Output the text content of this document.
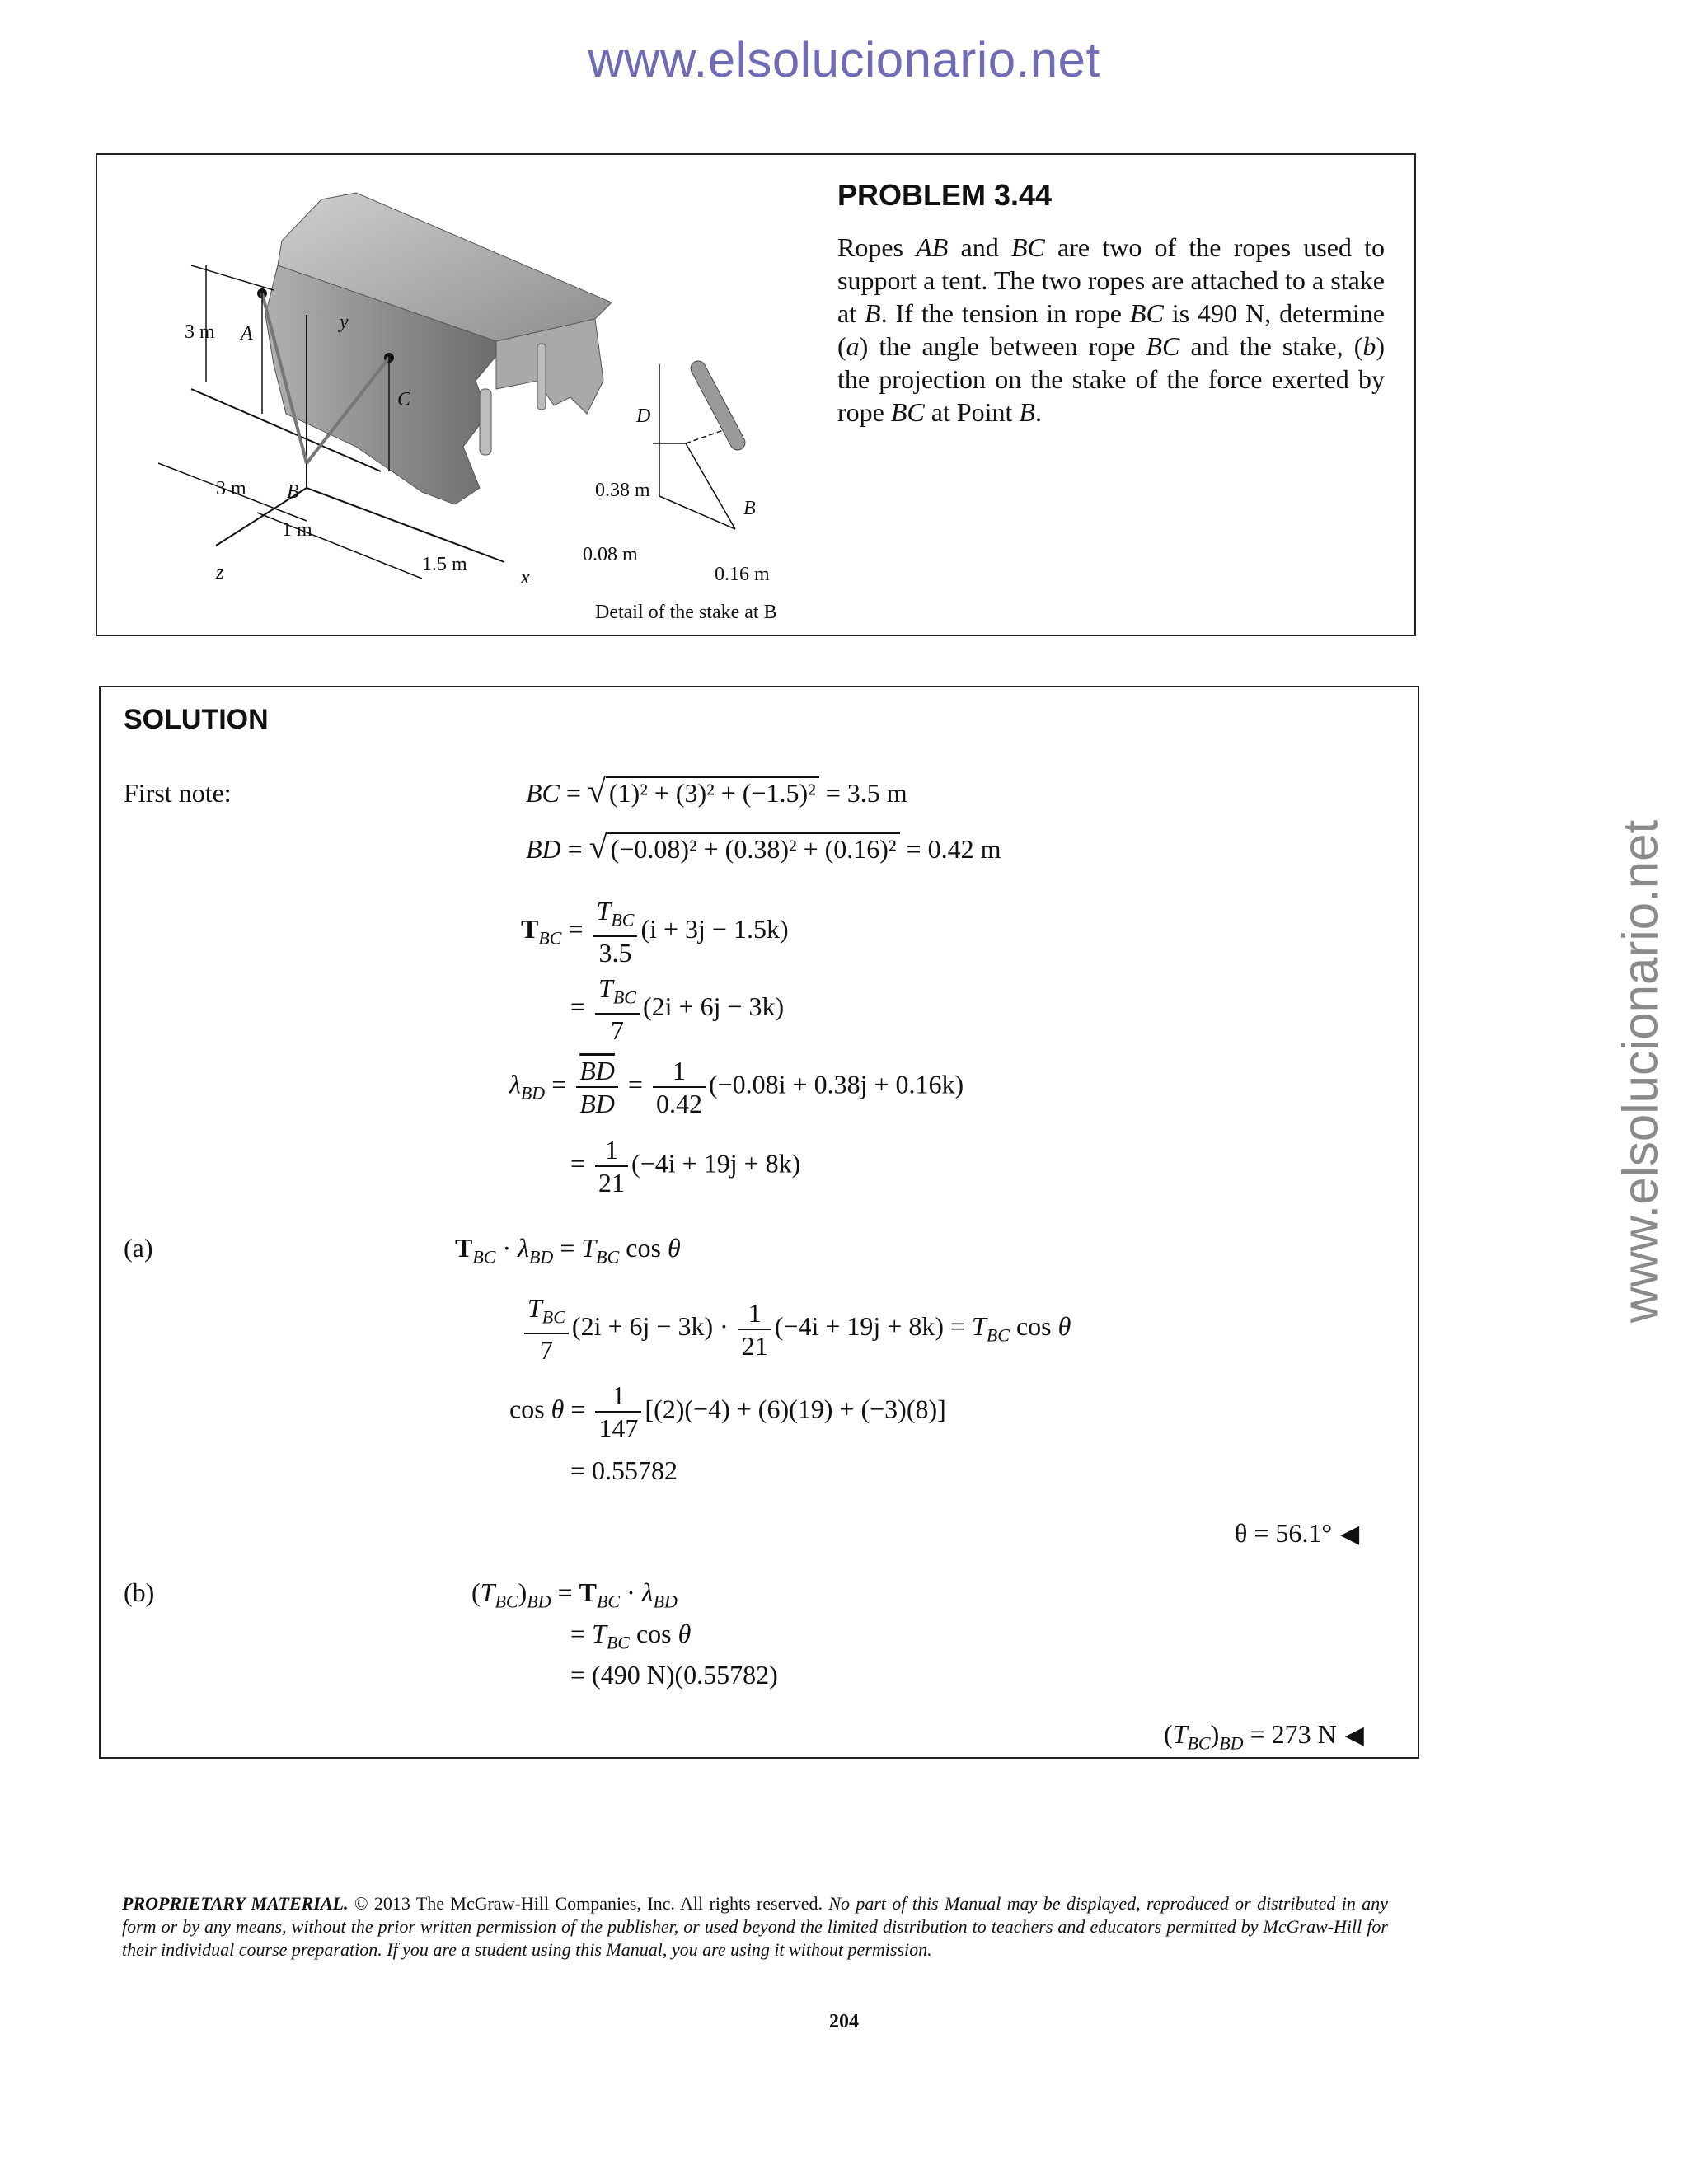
www.elsolucionario.net
www.elsolucionario.net
3 m A
y
C
3 m B
1 m
1.5 m
z	x
D
B
0.38 m
0.08 m
0.16 m
Detail of the stake at B
PROBLEM 3.44
Ropes AB and BC are two of the ropes used to support a tent. The two ropes are attached to a stake at B. If the tension in rope BC is 490 N, determine (a) the angle between rope BC and the stake, (b) the projection on the stake of the force exerted by rope BC at Point B.
SOLUTION
First note:	BC = √ (1)² + (3)² + (−1.5)² = 3.5 m
BD = √ (−0.08)² + (0.38)² + (0.16)² = 0.42 m
$T_{BC} = \frac{T_{BC}}{3.5} (i + 3j - 1.5k)$
= $\frac{T_{BC}}{7} (2i + 6j - 3k)$
$\lambda_{BD} = \frac{\overline{BD}}{BD} = \frac{1}{0.42} (-0.08i + 0.38j + 0.16k)$
= $\frac{1}{21} (-4i + 19j + 8k)$
(a)	$T_{BC} \cdot \lambda_{BD} = T_{BC}$ cos θ
$\frac{T_{BC}}{7} (2i + 6j - 3k) \cdot \frac{1}{21} (-4i + 19j + 8k) = T_{BC}$ cos θ
$\cos \theta = \frac{1}{147} [(2)(-4) + (6)(19) + (-3)(8)]$
= 0.55782
θ = 56.1° ◀
(b)	$(T_{BC})_{BD} = T_{BC} \cdot \lambda_{BD}$
= $T_{BC}$ cos θ
= (490 N)(0.55782)
$(T_{BC})_{BD} = 273$ N ◀
PROPRIETARY MATERIAL. © 2013 The McGraw-Hill Companies, Inc. All rights reserved. No part of this Manual may be displayed, reproduced or distributed in any form or by any means, without the prior written permission of the publisher, or used beyond the limited distribution to teachers and educators permitted by McGraw-Hill for their individual course preparation. If you are a student using this Manual, you are using it without permission.
204
